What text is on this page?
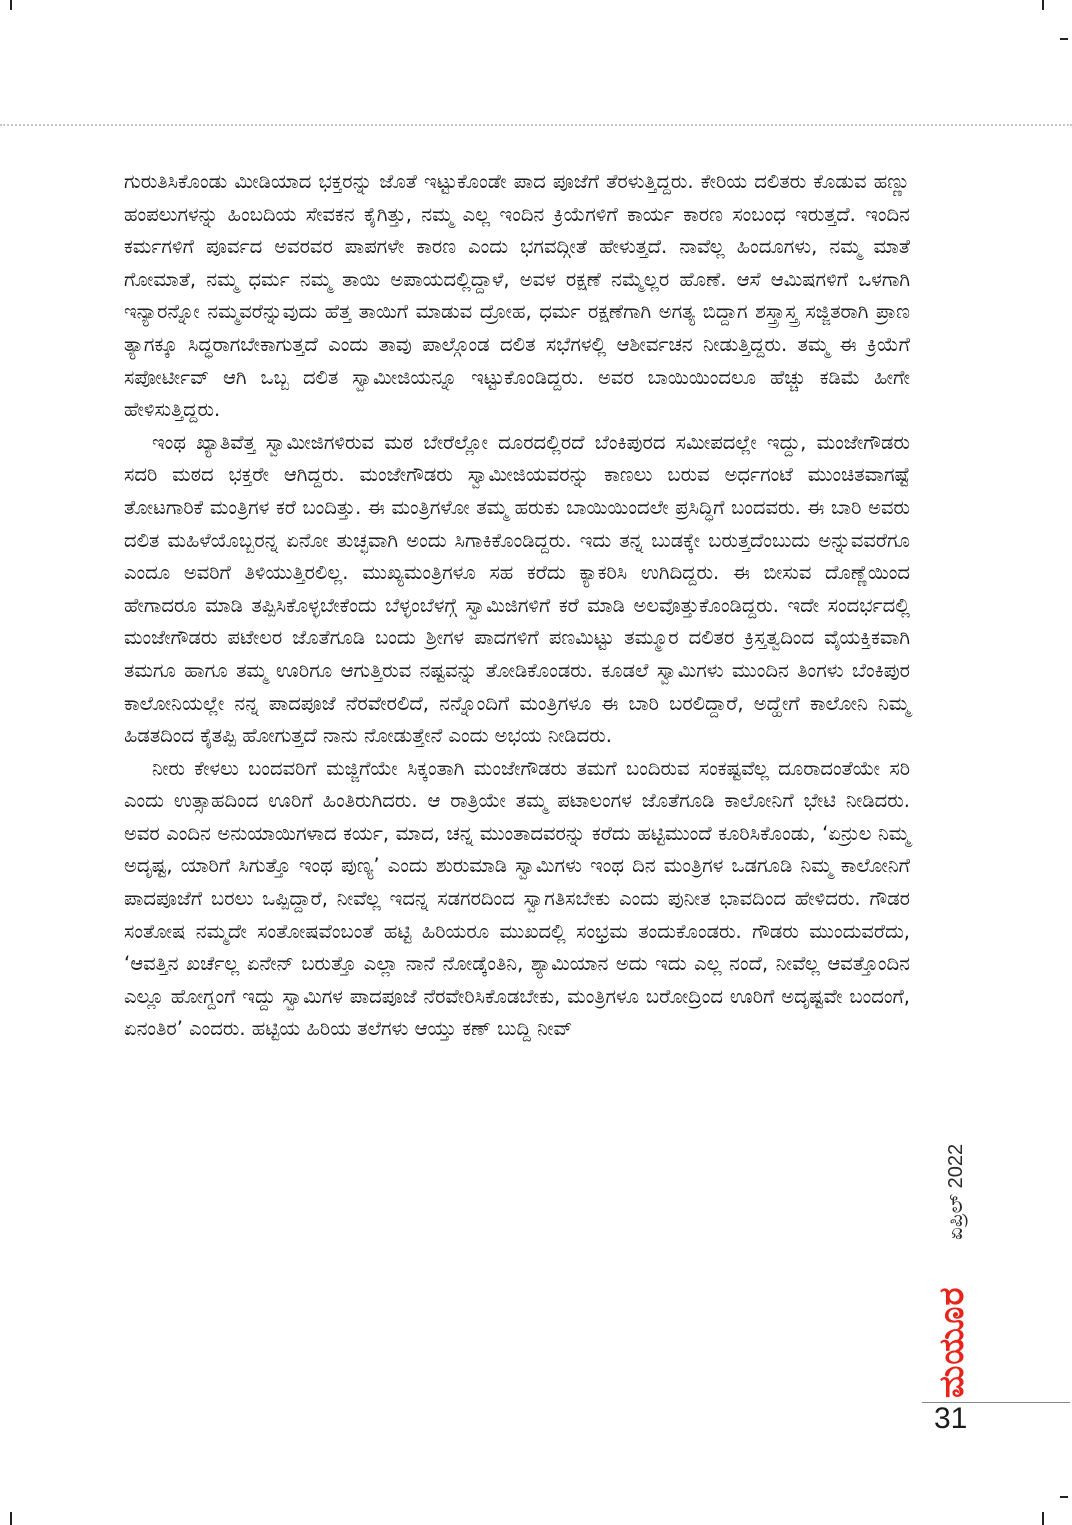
ಗುರುತಿಸಿಕೊಂಡು ಮೀಡಿಯಾದ ಭಕ್ತರನ್ನು ಜೊತೆ ಇಟ್ಟುಕೊಂಡೇ ಪಾದ ಪೂಜೆಗೆ ತೆರಳುತ್ತಿದ್ದರು. ಕೇರಿಯ ದಲಿತರು ಕೊಡುವ ಹಣ್ಣು ಹಂಪಲುಗಳನ್ನು ಹಿಂಬದಿಯ ಸೇವಕನ ಕೈಗಿತ್ತು, ನಮ್ಮ ಎಲ್ಲ ಇಂದಿನ ಕ್ರಿಯೆಗಳಿಗೆ ಕಾರ್ಯ ಕಾರಣ ಸಂಬಂಧ ಇರುತ್ತದೆ. ಇಂದಿನ ಕರ್ಮಗಳಿಗೆ ಪೂರ್ವದ ಅವರವರ ಪಾಪಗಳೇ ಕಾರಣ ಎಂದು ಭಗವದ್ಗೀತೆ ಹೇಳುತ್ತದೆ. ನಾವೆಲ್ಲ ಹಿಂದೂಗಳು, ನಮ್ಮ ಮಾತೆ ಗೋಮಾತೆ, ನಮ್ಮ ಧರ್ಮ ನಮ್ಮ ತಾಯಿ ಅಪಾಯದಲ್ಲಿದ್ದಾಳೆ, ಅವಳ ರಕ್ಷಣೆ ನಮ್ಮೆಲ್ಲರ ಹೊಣೆ. ಆಸೆ ಆಮಿಷಗಳಿಗೆ ಒಳಗಾಗಿ ಇನ್ಯಾರನ್ನೋ ನಮ್ಮವರೆನ್ನುವುದು ಹೆತ್ತ ತಾಯಿಗೆ ಮಾಡುವ ದ್ರೋಹ, ಧರ್ಮ ರಕ್ಷಣೆಗಾಗಿ ಅಗತ್ಯ ಬಿದ್ದಾಗ ಶಸ್ತ್ರಾಸ್ತ್ರ ಸಜ್ಜಿತರಾಗಿ ಪ್ರಾಣ ತ್ಯಾಗಕ್ಕೂ ಸಿದ್ಧರಾಗಬೇಕಾಗುತ್ತದೆ ಎಂದು ತಾವು ಪಾಲ್ಗೊಂಡ ದಲಿತ ಸಭೆಗಳಲ್ಲಿ ಆಶೀರ್ವಚನ ನೀಡುತ್ತಿದ್ದರು. ತಮ್ಮ ಈ ಕ್ರಿಯೆಗೆ ಸಪೋರ್ಟೀವ್ ಆಗಿ ಒಬ್ಬ ದಲಿತ ಸ್ವಾಮೀಜಿಯನ್ನೂ ಇಟ್ಟುಕೊಂಡಿದ್ದರು. ಅವರ ಬಾಯಿಯಿಂದಲೂ ಹೆಚ್ಚು ಕಡಿಮೆ ಹೀಗೇ ಹೇಳಿಸುತ್ತಿದ್ದರು.

ಇಂಥ ಖ್ಯಾತಿವೆತ್ತ ಸ್ವಾಮೀಜಿಗಳಿರುವ ಮಠ ಬೇರೆಲ್ಲೋ ದೂರದಲ್ಲಿರದೆ ಬೆಂಕಿಪುರದ ಸಮೀಪದಲ್ಲೇ ಇದ್ದು, ಮಂಜೇಗೌಡರು ಸದರಿ ಮಠದ ಭಕ್ತರೇ ಆಗಿದ್ದರು. ಮಂಜೇಗೌಡರು ಸ್ವಾಮೀಜಿಯವರನ್ನು ಕಾಣಲು ಬರುವ ಅರ್ಧಗಂಟೆ ಮುಂಚಿತವಾಗಷ್ಟೆ ತೋಟಗಾರಿಕೆ ಮಂತ್ರಿಗಳ ಕರೆ ಬಂದಿತ್ತು. ಈ ಮಂತ್ರಿಗಳೋ ತಮ್ಮ ಹರುಕು ಬಾಯಿಯಿಂದಲೇ ಪ್ರಸಿದ್ಧಿಗೆ ಬಂದವರು. ಈ ಬಾರಿ ಅವರು ದಲಿತ ಮಹಿಳೆಯೊಬ್ಬರನ್ನ ಏನೋ ತುಚ್ಛವಾಗಿ ಅಂದು ಸಿಗಾಕಿಕೊಂಡಿದ್ದರು. ಇದು ತನ್ನ ಬುಡಕ್ಕೇ ಬರುತ್ತದೆಂಬುದು ಅನ್ನುವವರೆಗೂ ಎಂದೂ ಅವರಿಗೆ ತಿಳಿಯುತ್ತಿರಲಿಲ್ಲ. ಮುಖ್ಯಮಂತ್ರಿಗಳೂ ಸಹ ಕರೆದು ಕ್ಯಾಕರಿಸಿ ಉಗಿದಿದ್ದರು. ಈ ಬೀಸುವ ದೊಣ್ಣೆಯಿಂದ ಹೇಗಾದರೂ ಮಾಡಿ ತಪ್ಪಿಸಿಕೊಳ್ಳಬೇಕೆಂದು ಬೆಳ್ಳಂಬೆಳಗ್ಗೆ ಸ್ವಾಮಿಜಿಗಳಿಗೆ ಕರೆ ಮಾಡಿ ಅಲವೊತ್ತುಕೊಂಡಿದ್ದರು. ಇದೇ ಸಂದರ್ಭದಲ್ಲಿ ಮಂಜೇಗೌಡರು ಪಟೇಲರ ಜೊತೆಗೂಡಿ ಬಂದು ಶ್ರೀಗಳ ಪಾದಗಳಿಗೆ ಪಣಮಿಟ್ಟು ತಮ್ಮೂರ ದಲಿತರ ಕ್ರಿಸ್ತತ್ವದಿಂದ ವೈಯಕ್ತಿಕವಾಗಿ ತಮಗೂ ಹಾಗೂ ತಮ್ಮ ಊರಿಗೂ ಆಗುತ್ತಿರುವ ನಷ್ಟವನ್ನು ತೋಡಿಕೊಂಡರು. ಕೂಡಲೆ ಸ್ವಾಮಿಗಳು ಮುಂದಿನ ತಿಂಗಳು ಬೆಂಕಿಪುರ ಕಾಲೋನಿಯಲ್ಲೇ ನನ್ನ ಪಾದಪೂಜೆ ನೆರವೇರಲಿದೆ, ನನ್ನೊಂದಿಗೆ ಮಂತ್ರಿಗಳೂ ಈ ಬಾರಿ ಬರಲಿದ್ದಾರೆ, ಅದ್ಹೇಗೆ ಕಾಲೋನಿ ನಿಮ್ಮ ಹಿಡತದಿಂದ ಕೈತಪ್ಪಿ ಹೋಗುತ್ತದೆ ನಾನು ನೋಡುತ್ತೇನೆ ಎಂದು ಅಭಯ ನೀಡಿದರು.

ನೀರು ಕೇಳಲು ಬಂದವರಿಗೆ ಮಜ್ಜಿಗೆಯೇ ಸಿಕ್ಕಂತಾಗಿ ಮಂಜೇಗೌಡರು ತಮಗೆ ಬಂದಿರುವ ಸಂಕಷ್ಟವೆಲ್ಲ ದೂರಾದಂತೆಯೇ ಸರಿ ಎಂದು ಉತ್ಸಾಹದಿಂದ ಊರಿಗೆ ಹಿಂತಿರುಗಿದರು. ಆ ರಾತ್ರಿಯೇ ತಮ್ಮ ಪಟಾಲಂಗಳ ಜೊತೆಗೂಡಿ ಕಾಲೋನಿಗೆ ಭೇಟಿ ನೀಡಿದರು. ಅವರ ಎಂದಿನ ಅನುಯಾಯಿಗಳಾದ ಕರ್ಯ, ಮಾದ, ಚನ್ನ ಮುಂತಾದವರನ್ನು ಕರೆದು ಹಟ್ಟಿಮುಂದೆ ಕೂರಿಸಿಕೊಂಡು, ‘ಏನ್ರುಲ ನಿಮ್ಮ ಅದೃಷ್ಟ, ಯಾರಿಗೆ ಸಿಗುತ್ತೊ ಇಂಥ ಪುಣ್ಯ’ ಎಂದು ಶುರುಮಾಡಿ ಸ್ವಾಮಿಗಳು ಇಂಥ ದಿನ ಮಂತ್ರಿಗಳ ಒಡಗೂಡಿ ನಿಮ್ಮ ಕಾಲೋನಿಗೆ ಪಾದಪೂಜೆಗೆ ಬರಲು ಒಪ್ಪಿದ್ದಾರೆ, ನೀವೆಲ್ಲ ಇದನ್ನ ಸಡಗರದಿಂದ ಸ್ವಾಗತಿಸಬೇಕು ಎಂದು ಪುನೀತ ಭಾವದಿಂದ ಹೇಳಿದರು. ಗೌಡರ ಸಂತೋಷ ನಮ್ಮದೇ ಸಂತೋಷವೆಂಬಂತೆ ಹಟ್ಟಿ ಹಿರಿಯರೂ ಮುಖದಲ್ಲಿ ಸಂಭ್ರಮ ತಂದುಕೊಂಡರು. ಗೌಡರು ಮುಂದುವರೆದು, ‘ಆವತ್ತಿನ ಖರ್ಚೆಲ್ಲ ಏನೇನ್ ಬರುತ್ತೊ ಎಲ್ಲಾ ನಾನೆ ನೋಡ್ಕೆಂತಿನಿ, ಶ್ಯಾಮಿಯಾನ ಅದು ಇದು ಎಲ್ಲ ನಂದೆ, ನೀವೆಲ್ಲ ಆವತ್ತೊಂದಿನ ಎಲ್ಲೂ ಹೋಗ್ದಂಗೆ ಇದ್ದು ಸ್ವಾಮಿಗಳ ಪಾದಪೂಜೆ ನೆರವೇರಿಸಿಕೊಡಬೇಕು, ಮಂತ್ರಿಗಳೂ ಬರೋದ್ರಿಂದ ಊರಿಗೆ ಅದೃಷ್ಟವೇ ಬಂದಂಗೆ, ಏನಂತಿರ’ ಎಂದರು. ಹಟ್ಟಿಯ ಹಿರಿಯ ತಲೆಗಳು ಆಯ್ತು ಕಣ್ ಬುದ್ದಿ ನೀವ್

ಏಪ್ರಿಲ್ 2022
ಮಯೂರ
31
